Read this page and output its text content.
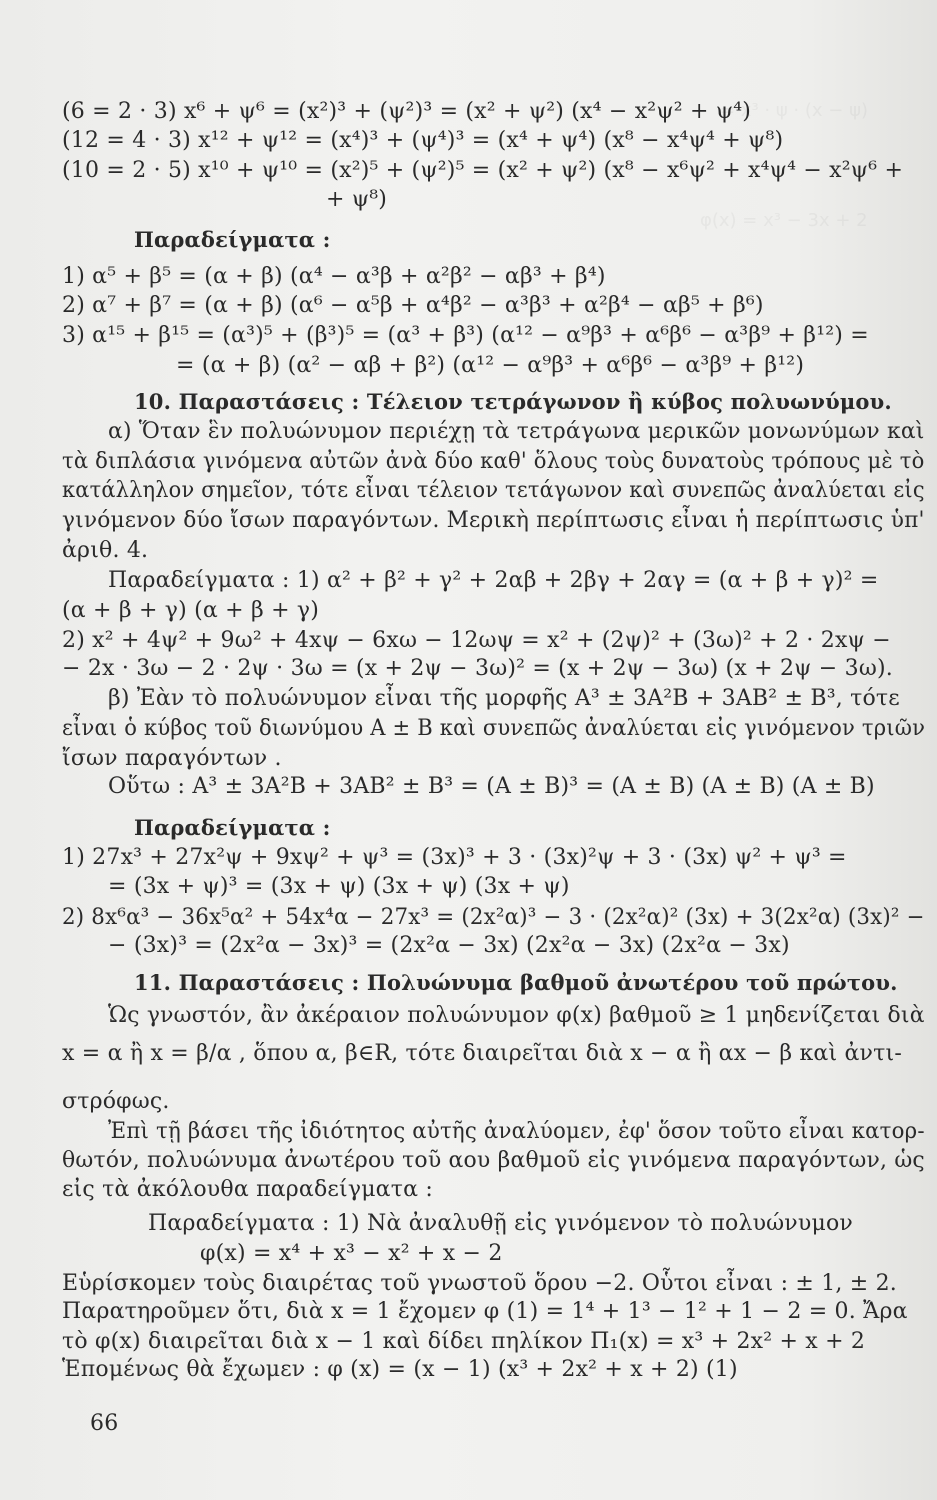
= x³ · ψ · (x − ψ)
φ(x) = x³ − 3x + 2
(6 = 2 · 3) x⁶ + ψ⁶ = (x²)³ + (ψ²)³ = (x² + ψ²) (x⁴ − x²ψ² + ψ⁴)
(12 = 4 · 3) x¹² + ψ¹² = (x⁴)³ + (ψ⁴)³ = (x⁴ + ψ⁴) (x⁸ − x⁴ψ⁴ + ψ⁸)
(10 = 2 · 5) x¹⁰ + ψ¹⁰ = (x²)⁵ + (ψ²)⁵ = (x² + ψ²) (x⁸ − x⁶ψ² + x⁴ψ⁴ − x²ψ⁶ +
+ ψ⁸)
Παραδείγματα :
1) α⁵ + β⁵ = (α + β) (α⁴ − α³β + α²β² − αβ³ + β⁴)
2) α⁷ + β⁷ = (α + β) (α⁶ − α⁵β + α⁴β² − α³β³ + α²β⁴ − αβ⁵ + β⁶)
3) α¹⁵ + β¹⁵ = (α³)⁵ + (β³)⁵ = (α³ + β³) (α¹² − α⁹β³ + α⁶β⁶ − α³β⁹ + β¹²) =
= (α + β) (α² − αβ + β²) (α¹² − α⁹β³ + α⁶β⁶ − α³β⁹ + β¹²)
10. Παραστάσεις : Τέλειον τετράγωνον ἢ κύβος πολυωνύμου.
α) Ὅταν ἓν πολυώνυμον περιέχῃ τὰ τετράγωνα μερικῶν μονωνύμων καὶ
τὰ διπλάσια γινόμενα αὐτῶν ἀνὰ δύο καθ' ὅλους τοὺς δυνατοὺς τρόπους μὲ τὸ
κατάλληλον σημεῖον, τότε εἶναι τέλειον τετάγωνον καὶ συνεπῶς ἀναλύεται εἰς
γινόμενον δύο ἴσων παραγόντων. Μερικὴ περίπτωσις εἶναι ἡ περίπτωσις ὑπ'
ἀριθ. 4.
Παραδείγματα : 1) α² + β² + γ² + 2αβ + 2βγ + 2αγ = (α + β + γ)² =
(α + β + γ) (α + β + γ)
2) x² + 4ψ² + 9ω² + 4xψ − 6xω − 12ωψ = x² + (2ψ)² + (3ω)² + 2 · 2xψ −
− 2x · 3ω − 2 · 2ψ · 3ω = (x + 2ψ − 3ω)² = (x + 2ψ − 3ω) (x + 2ψ − 3ω).
β) Ἐὰν τὸ πολυώνυμον εἶναι τῆς μορφῆς A³ ± 3A²B + 3AB² ± B³, τότε
εἶναι ὁ κύβος τοῦ διωνύμου A ± B καὶ συνεπῶς ἀναλύεται εἰς γινόμενον τριῶν
ἴσων παραγόντων .
Οὕτω : A³ ± 3A²B + 3AB² ± B³ = (A ± B)³ = (A ± B) (A ± B) (A ± B)
Παραδείγματα :
1) 27x³ + 27x²ψ + 9xψ² + ψ³ = (3x)³ + 3 · (3x)²ψ + 3 · (3x) ψ² + ψ³ =
= (3x + ψ)³ = (3x + ψ) (3x + ψ) (3x + ψ)
2) 8x⁶α³ − 36x⁵α² + 54x⁴α − 27x³ = (2x²α)³ − 3 · (2x²α)² (3x) + 3(2x²α) (3x)² −
− (3x)³ = (2x²α − 3x)³ = (2x²α − 3x) (2x²α − 3x) (2x²α − 3x)
11. Παραστάσεις : Πολυώνυμα βαθμοῦ ἀνωτέρου τοῦ πρώτου.
Ὡς γνωστόν, ἂν ἀκέραιον πολυώνυμον φ(x) βαθμοῦ ≥ 1 μηδενίζεται διὰ
x = α ἢ x = β/α , ὅπου α, β∈R, τότε διαιρεῖται διὰ x − α ἢ αx − β καὶ ἀντι-
στρόφως.
Ἐπὶ τῇ βάσει τῆς ἰδιότητος αὐτῆς ἀναλύομεν, ἐφ' ὅσον τοῦτο εἶναι κατορ-
θωτόν, πολυώνυμα ἀνωτέρου τοῦ αου βαθμοῦ εἰς γινόμενα παραγόντων, ὡς
εἰς τὰ ἀκόλουθα παραδείγματα :
Παραδείγματα : 1) Νὰ ἀναλυθῇ εἰς γινόμενον τὸ πολυώνυμον
φ(x) = x⁴ + x³ − x² + x − 2
Εὑρίσκομεν τοὺς διαιρέτας τοῦ γνωστοῦ ὅρου −2. Οὗτοι εἶναι : ± 1, ± 2.
Παρατηροῦμεν ὅτι, διὰ x = 1 ἔχομεν φ (1) = 1⁴ + 1³ − 1² + 1 − 2 = 0. Ἄρα
τὸ φ(x) διαιρεῖται διὰ x − 1 καὶ δίδει πηλίκον Π₁(x) = x³ + 2x² + x + 2
Ἑπομένως θὰ ἔχωμεν : φ (x) = (x − 1) (x³ + 2x² + x + 2) (1)
66
